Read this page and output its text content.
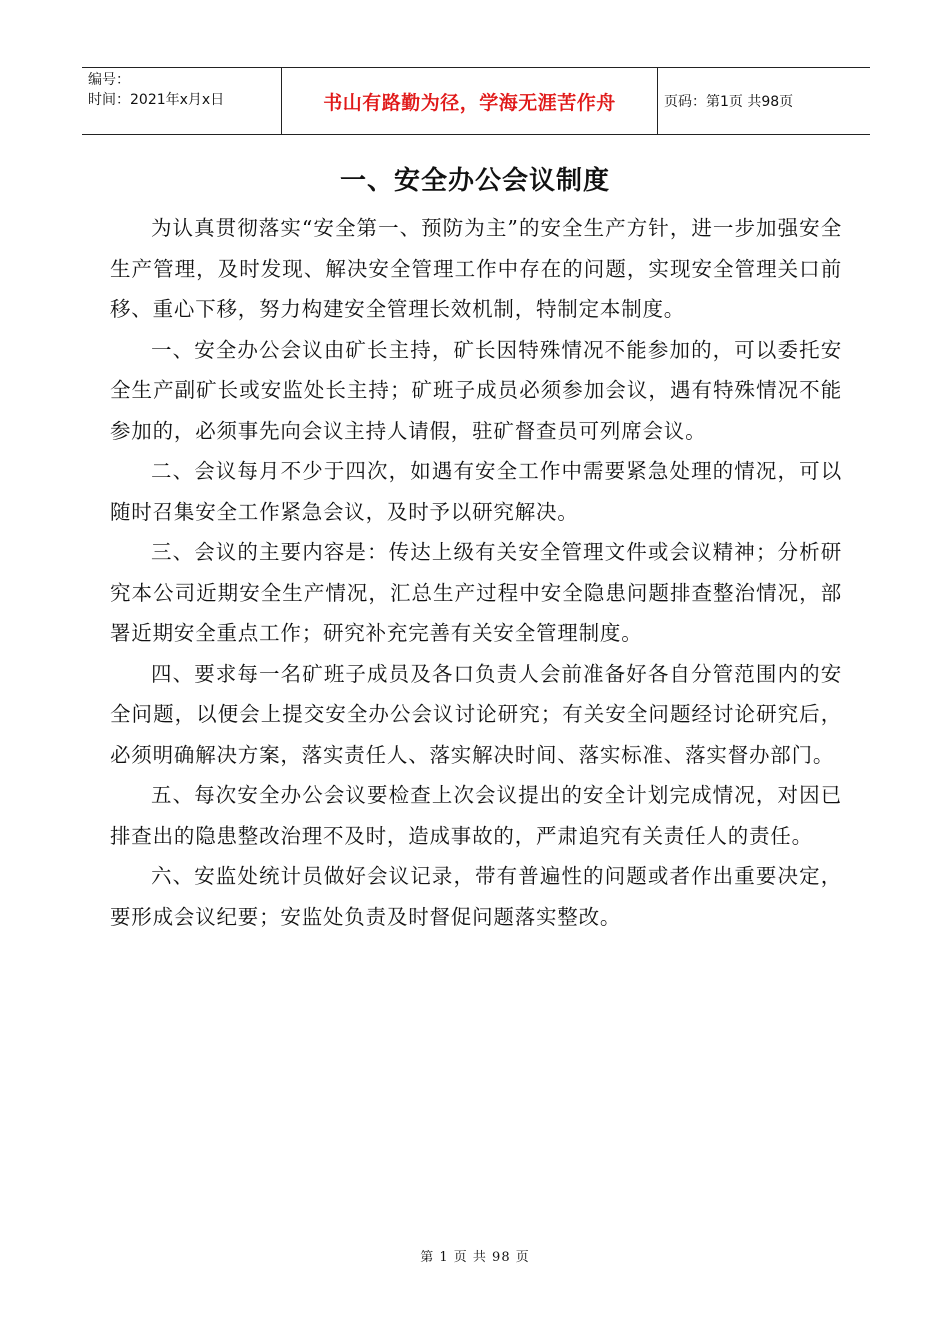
编号：
时间：2021年x月x日	书山有路勤为径，学海无涯苦作舟	页码：第1页 共98页
一、安全办公会议制度

为认真贯彻落实“安全第一、预防为主”的安全生产方针，进一步加强安全生产管理，及时发现、解决安全管理工作中存在的问题，实现安全管理关口前移、重心下移，努力构建安全管理长效机制，特制定本制度。

一、安全办公会议由矿长主持，矿长因特殊情况不能参加的，可以委托安全生产副矿长或安监处长主持；矿班子成员必须参加会议，遇有特殊情况不能参加的，必须事先向会议主持人请假，驻矿督查员可列席会议。

二、会议每月不少于四次，如遇有安全工作中需要紧急处理的情况，可以随时召集安全工作紧急会议，及时予以研究解决。

三、会议的主要内容是：传达上级有关安全管理文件或会议精神；分析研究本公司近期安全生产情况，汇总生产过程中安全隐患问题排查整治情况，部署近期安全重点工作；研究补充完善有关安全管理制度。

四、要求每一名矿班子成员及各口负责人会前准备好各自分管范围内的安全问题，以便会上提交安全办公会议讨论研究；有关安全问题经讨论研究后，必须明确解决方案，落实责任人、落实解决时间、落实标准、落实督办部门。

五、每次安全办公会议要检查上次会议提出的安全计划完成情况，对因已排查出的隐患整改治理不及时，造成事故的，严肃追究有关责任人的责任。

六、安监处统计员做好会议记录，带有普遍性的问题或者作出重要决定，要形成会议纪要；安监处负责及时督促问题落实整改。

第 1 页 共 98 页
